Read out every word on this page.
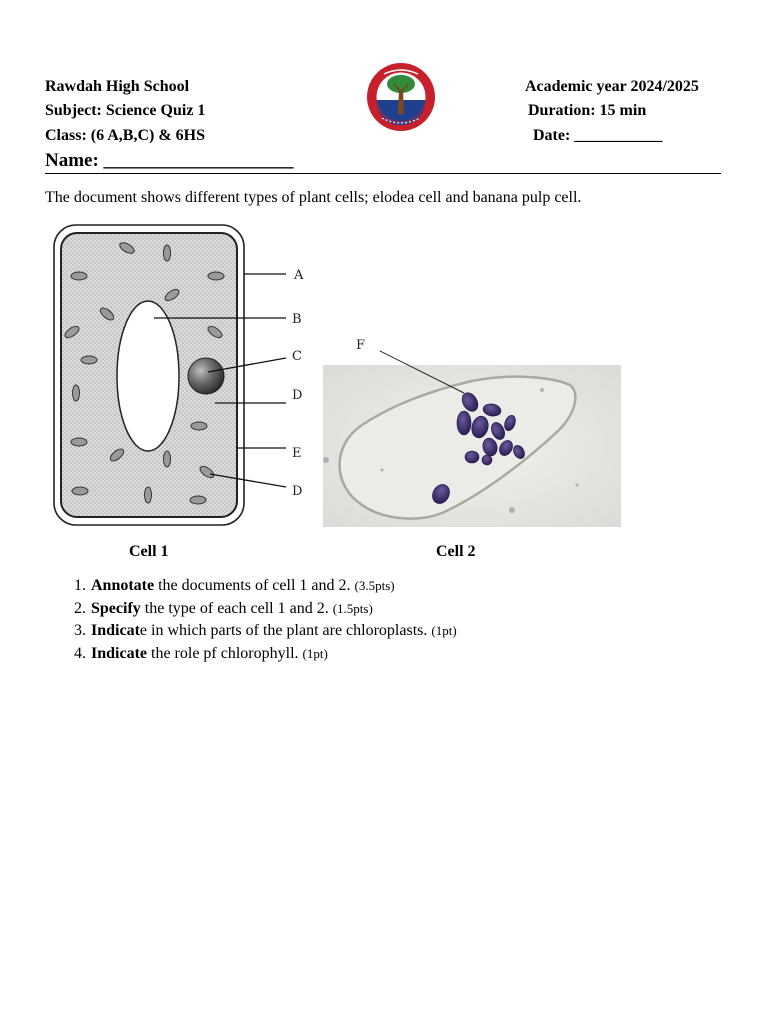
Rawdah High School
Subject: Science Quiz 1
Class: (6 A,B,C) & 6HS
Name: ____________________
Academic year 2024/2025
Duration: 15 min
Date: ___________
The document shows different types of plant cells; elodea cell and banana pulp cell.
A
B
C
D
E
D
F
Cell 1	Cell 2
1. Annotate the documents of cell 1 and 2. (3.5pts)
2. Specify the type of each cell 1 and 2. (1.5pts)
3. Indicate in which parts of the plant are chloroplasts. (1pt)
4. Indicate the role pf chlorophyll. (1pt)
